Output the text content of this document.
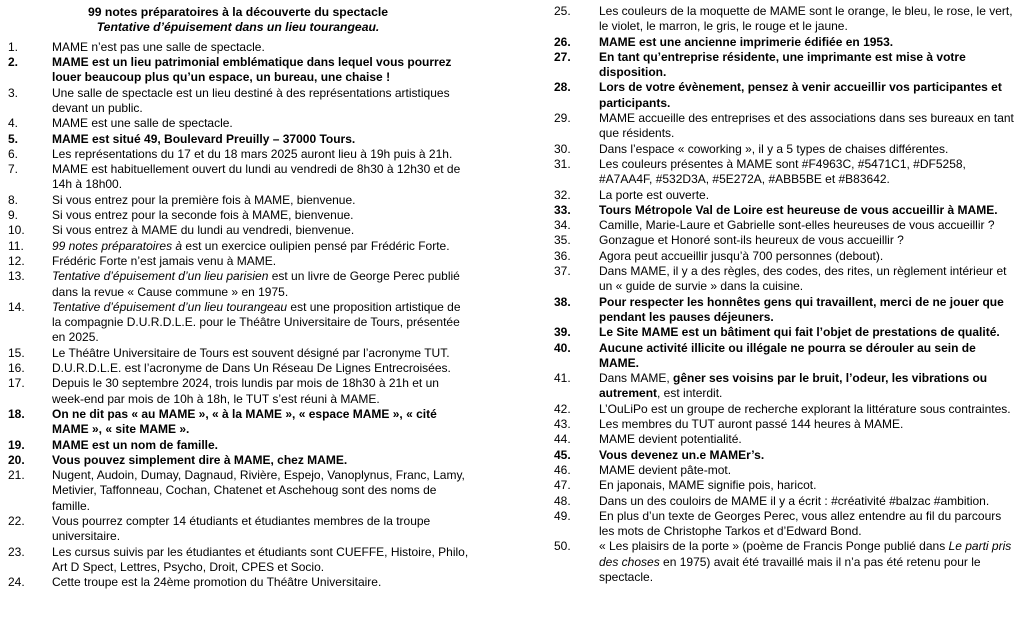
99 notes préparatoires à la découverte du spectacle
Tentative d’épuisement dans un lieu tourangeau.
1.	MAME n’est pas une salle de spectacle.
2.	MAME est un lieu patrimonial emblématique dans lequel vous pourrez louer beaucoup plus qu’un espace, un bureau, une chaise !
3.	Une salle de spectacle est un lieu destiné à des représentations artistiques devant un public.
4.	MAME est une salle de spectacle.
5.	MAME est situé 49, Boulevard Preuilly – 37000 Tours.
6.	Les représentations du 17 et du 18 mars 2025 auront lieu à 19h puis à 21h.
7.	MAME est habituellement ouvert du lundi au vendredi de 8h30 à 12h30 et de 14h à 18h00.
8.	Si vous entrez pour la première fois à MAME, bienvenue.
9.	Si vous entrez pour la seconde fois à MAME, bienvenue.
10. Si vous entrez à MAME du lundi au vendredi, bienvenue.
11. 99 notes préparatoires à est un exercice oulipien pensé par Frédéric Forte.
12. Frédéric Forte n’est jamais venu à MAME.
13. Tentative d’épuisement d’un lieu parisien est un livre de George Perec publié dans la revue « Cause commune » en 1975.
14. Tentative d’épuisement d’un lieu tourangeau est une proposition artistique de la compagnie D.U.R.D.L.E. pour le Théâtre Universitaire de Tours, présentée en 2025.
15. Le Théâtre Universitaire de Tours est souvent désigné par l’acronyme TUT.
16. D.U.R.D.L.E. est l’acronyme de Dans Un Réseau De Lignes Entrecroisées.
17. Depuis le 30 septembre 2024, trois lundis par mois de 18h30 à 21h et un week-end par mois de 10h à 18h, le TUT s’est réuni à MAME.
18. On ne dit pas « au MAME », « à la MAME », « espace MAME », « cité MAME », « site MAME ».
19. MAME est un nom de famille.
20. Vous pouvez simplement dire à MAME, chez MAME.
21. Nugent, Audoin, Dumay, Dagnaud, Rivière, Espejo, Vanoplynus, Franc, Lamy, Metivier, Taffonneau, Cochan, Chatenet et Aschehoug sont des noms de famille.
22. Vous pourrez compter 14 étudiants et étudiantes membres de la troupe universitaire.
23. Les cursus suivis par les étudiantes et étudiants sont CUEFFE, Histoire, Philo, Art D Spect, Lettres, Psycho, Droit, CPES et Socio.
24. Cette troupe est la 24ème promotion du Théâtre Universitaire.
25. Les couleurs de la moquette de MAME sont le orange, le bleu, le rose, le vert, le violet, le marron, le gris, le rouge et le jaune.
26. MAME est une ancienne imprimerie édifiée en 1953.
27. En tant qu’entreprise résidente, une imprimante est mise à votre disposition.
28. Lors de votre évènement, pensez à venir accueillir vos participantes et participants.
29. MAME accueille des entreprises et des associations dans ses bureaux en tant que résidents.
30. Dans l’espace « coworking », il y a 5 types de chaises différentes.
31. Les couleurs présentes à MAME sont #F4963C, #5471C1, #DF5258, #A7AA4F, #532D3A, #5E272A, #ABB5BE et #B83642.
32. La porte est ouverte.
33. Tours Métropole Val de Loire est heureuse de vous accueillir à MAME.
34. Camille, Marie-Laure et Gabrielle sont-elles heureuses de vous accueillir ?
35. Gonzague et Honoré sont-ils heureux de vous accueillir ?
36. Agora peut accueillir jusqu’à 700 personnes (debout).
37. Dans MAME, il y a des règles, des codes, des rites, un règlement intérieur et un « guide de survie » dans la cuisine.
38. Pour respecter les honnêtes gens qui travaillent, merci de ne jouer que pendant les pauses déjeuners.
39. Le Site MAME est un bâtiment qui fait l’objet de prestations de qualité.
40. Aucune activité illicite ou illégale ne pourra se dérouler au sein de MAME.
41. Dans MAME, gêner ses voisins par le bruit, l’odeur, les vibrations ou autrement, est interdit.
42. L’OuLiPo est un groupe de recherche explorant la littérature sous contraintes.
43. Les membres du TUT auront passé 144 heures à MAME.
44. MAME devient potentialité.
45. Vous devenez un.e MAMEr’s.
46. MAME devient pâte-mot.
47. En japonais, MAME signifie pois, haricot.
48. Dans un des couloirs de MAME il y a écrit : #créativité #balzac #ambition.
49. En plus d’un texte de Georges Perec, vous allez entendre au fil du parcours les mots de Christophe Tarkos et d’Edward Bond.
50. « Les plaisirs de la porte » (poème de Francis Ponge publié dans Le parti pris des choses en 1975) avait été travaillé mais il n’a pas été retenu pour le spectacle.
